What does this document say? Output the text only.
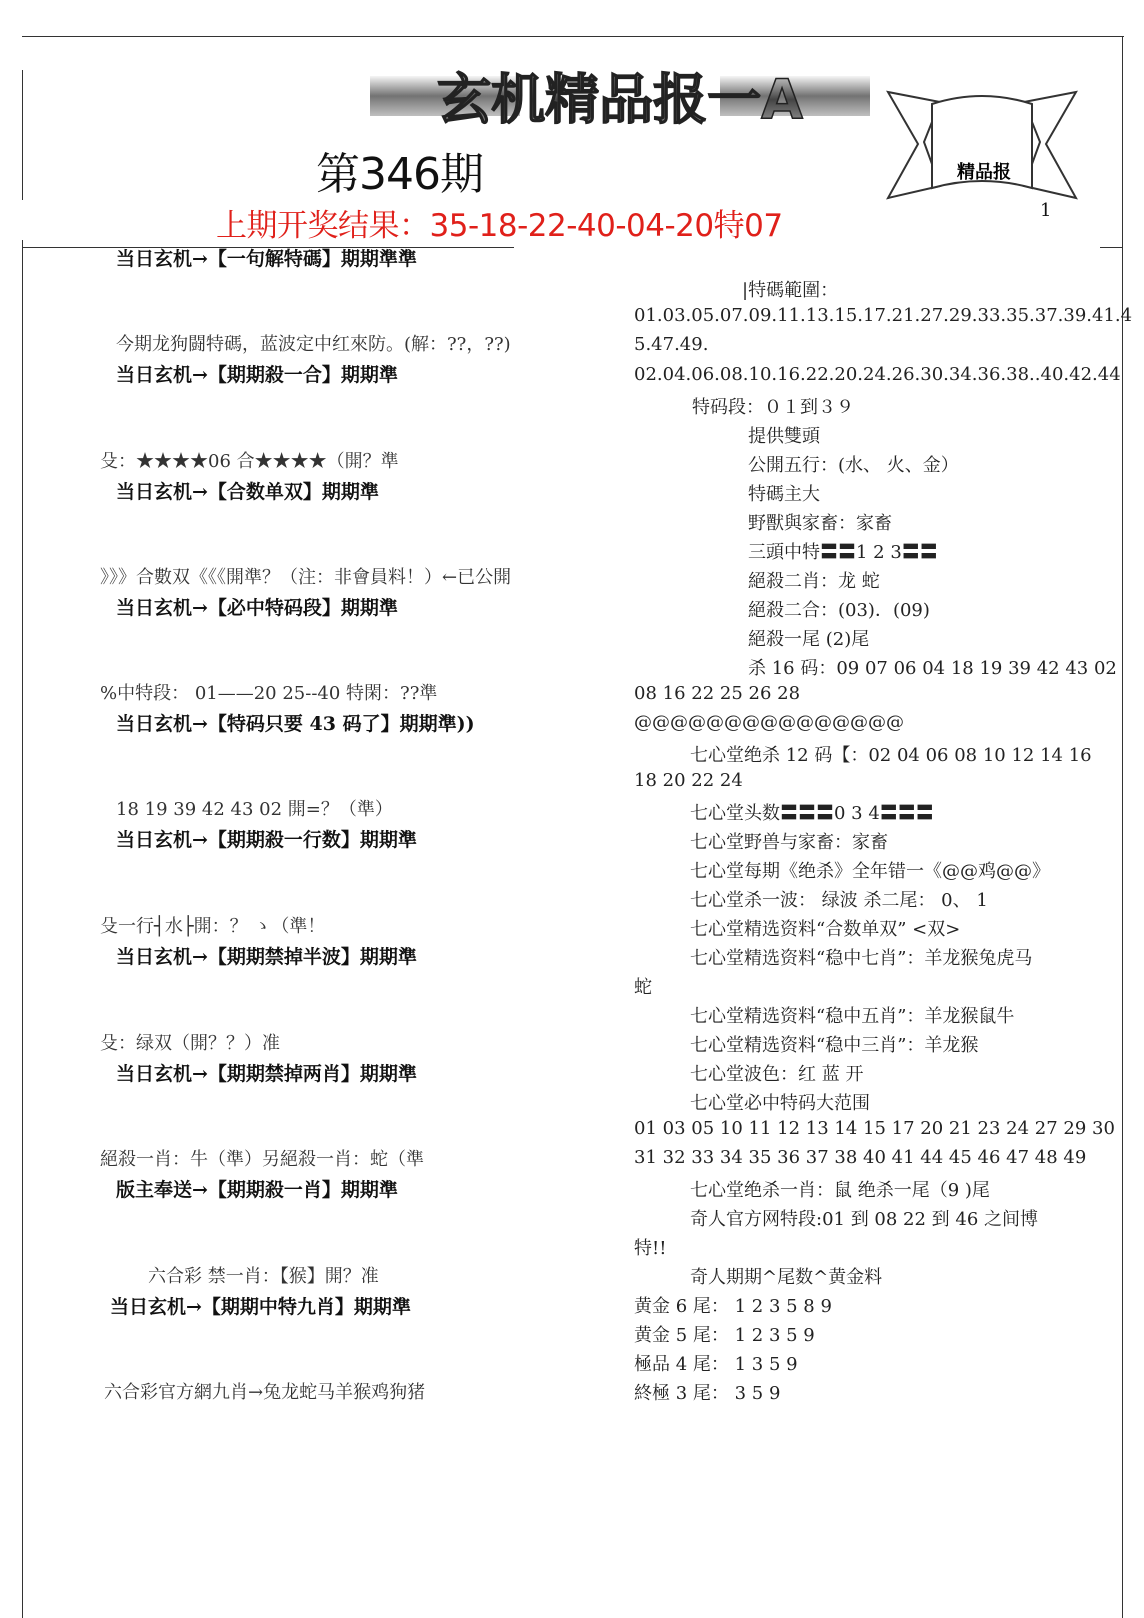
玄机精品报一A
精品报
第346期
上期开奖结果：35-18-22-40-04-20特07	1
当日玄机→【一句解特碼】期期準準
今期龙狗闘特碼，蓝波定中红來防。(解：??，??)
当日玄机→【期期殺一合】期期準
殳：★★★★06 合★★★★（開？準
当日玄机→【合数单双】期期準
》》》合數双《《《開準？（注：非會員料！）←已公開
当日玄机→【必中特码段】期期準
%中特段： 01——20 25--40 特閑：??準
当日玄机→【特码只要 43 码了】期期準))
18 19 39 42 43 02 開=？（準）
当日玄机→【期期殺一行数】期期準
殳一行┤水├開：？ ゝ（準！
当日玄机→【期期禁掉半波】期期準
殳：绿双（開？？）准
当日玄机→【期期禁掉两肖】期期準
絕殺一肖：牛（準）另絕殺一肖：蛇（準
版主奉送→【期期殺一肖】期期準
六合彩 禁一肖：【猴】開？准
当日玄机→【期期中特九肖】期期準
六合彩官方網九肖→兔龙蛇马羊猴鸡狗猪
|特碼範圍：
01.03.05.07.09.11.13.15.17.21.27.29.33.35.37.39.41.4
5.47.49.
02.04.06.08.10.16.22.20.24.26.30.34.36.38..40.42.44
特码段：０１到３９
提供雙頭
公開五行：(水、 火、金）
特碼主大
野獸與家畜：家畜
三頭中特〓〓1 2 3〓〓
絕殺二肖：龙 蛇
絕殺二合：(03)．(09)
絕殺一尾 (2)尾
杀 16 码：09 07 06 04 18 19 39 42 43 02
08 16 22 25 26 28
@@@@@@@@@@@@@@@
七心堂绝杀 12 码【：02 04 06 08 10 12 14 16
18 20 22 24
七心堂头数〓〓〓0 3 4〓〓〓
七心堂野兽与家畜：家畜
七心堂每期《绝杀》全年错一《@@鸡@@》
七心堂杀一波： 绿波 杀二尾： 0、 1
七心堂精选资料“合数单双” <双>
七心堂精选资料“稳中七肖”：羊龙猴兔虎马
蛇
七心堂精选资料“稳中五肖”：羊龙猴鼠牛
七心堂精选资料“稳中三肖”：羊龙猴
七心堂波色：红 蓝 开
七心堂必中特码大范围
01 03 05 10 11 12 13 14 15 17 20 21 23 24 27 29 30
31 32 33 34 35 36 37 38 40 41 44 45 46 47 48 49
七心堂绝杀一肖：鼠 绝杀一尾（9 )尾
奇人官方网特段:01 到 08 22 到 46 之间博
特!!
奇人期期^尾数^黄金料
黄金 6 尾： 1 2 3 5 8 9
黄金 5 尾： 1 2 3 5 9
極品 4 尾： 1 3 5 9
終極 3 尾： 3 5 9
